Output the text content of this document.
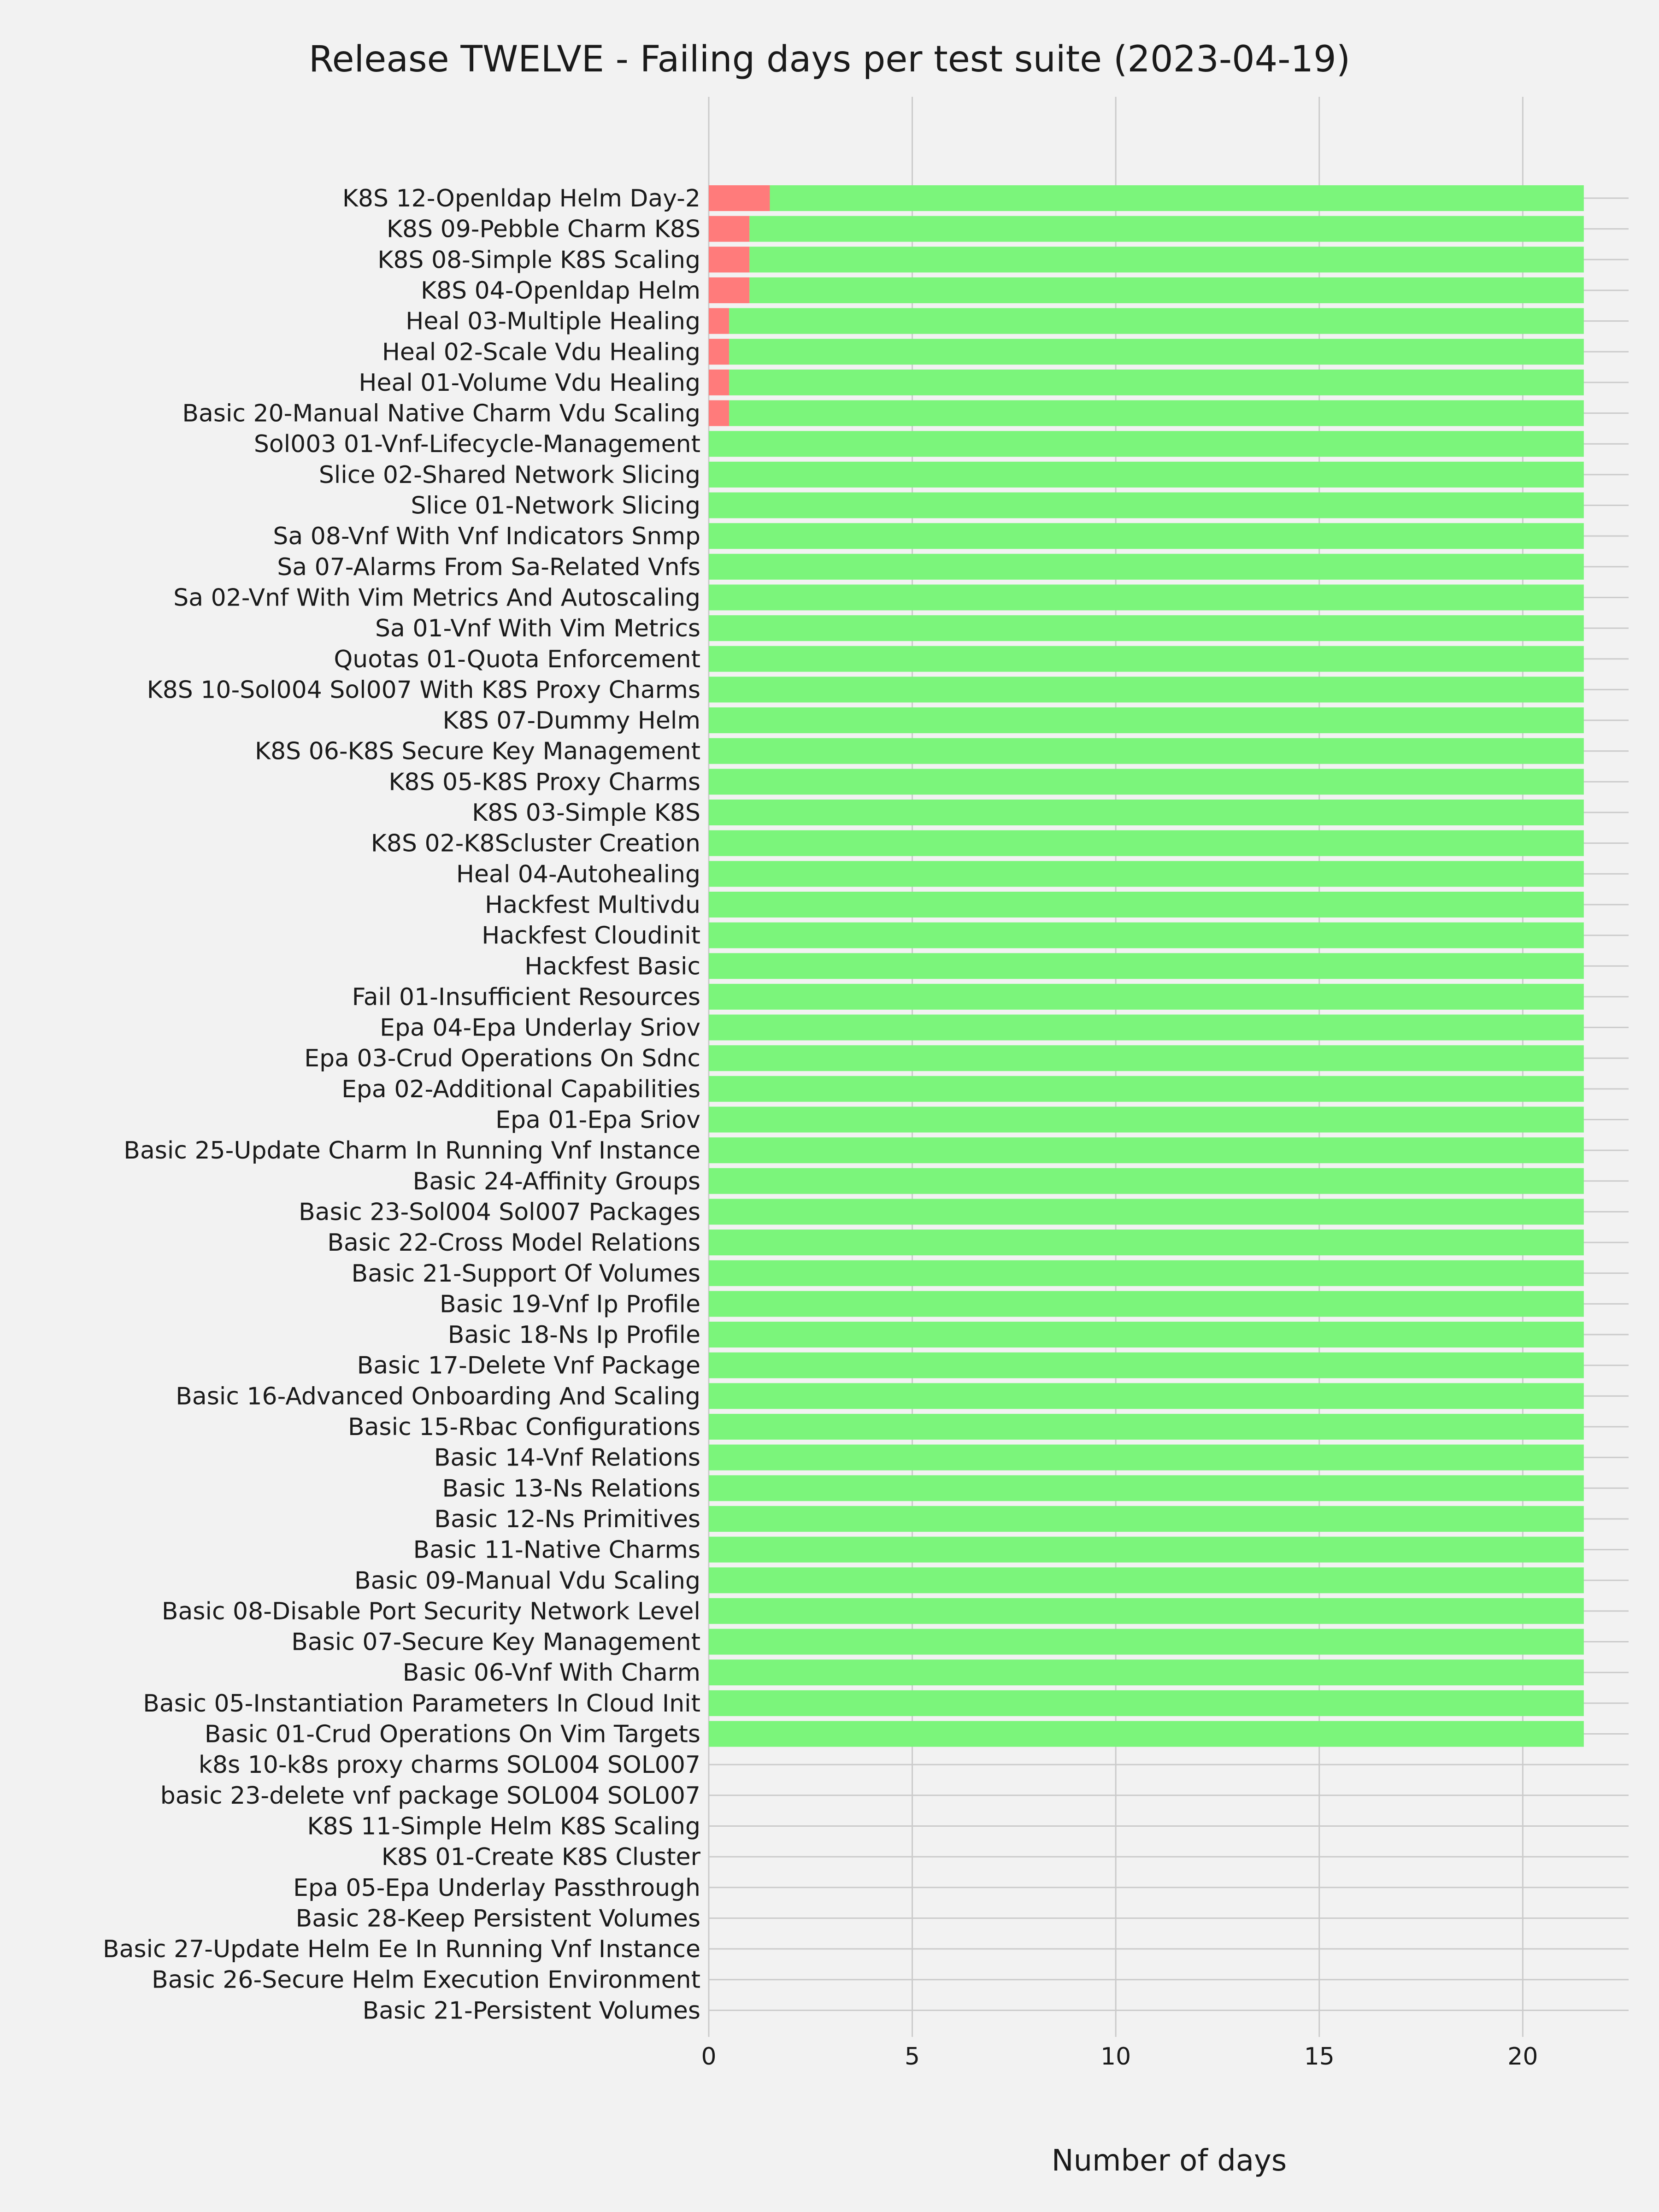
Release TWELVE - Failing days per test suite (2023-04-19)
K8S 12-Openldap Helm Day-2
K8S 09-Pebble Charm K8S
K8S 08-Simple K8S Scaling
K8S 04-Openldap Helm
Heal 03-Multiple Healing
Heal 02-Scale Vdu Healing
Heal 01-Volume Vdu Healing
Basic 20-Manual Native Charm Vdu Scaling
Sol003 01-Vnf-Lifecycle-Management
Slice 02-Shared Network Slicing
Slice 01-Network Slicing
Sa 08-Vnf With Vnf Indicators Snmp
Sa 07-Alarms From Sa-Related Vnfs
Sa 02-Vnf With Vim Metrics And Autoscaling
Sa 01-Vnf With Vim Metrics
Quotas 01-Quota Enforcement
K8S 10-Sol004 Sol007 With K8S Proxy Charms
K8S 07-Dummy Helm
K8S 06-K8S Secure Key Management
K8S 05-K8S Proxy Charms
K8S 03-Simple K8S
K8S 02-K8Scluster Creation
Heal 04-Autohealing
Hackfest Multivdu
Hackfest Cloudinit
Hackfest Basic
Fail 01-Insufficient Resources
Epa 04-Epa Underlay Sriov
Epa 03-Crud Operations On Sdnc
Epa 02-Additional Capabilities
Epa 01-Epa Sriov
Basic 25-Update Charm In Running Vnf Instance
Basic 24-Affinity Groups
Basic 23-Sol004 Sol007 Packages
Basic 22-Cross Model Relations
Basic 21-Support Of Volumes
Basic 19-Vnf Ip Profile
Basic 18-Ns Ip Profile
Basic 17-Delete Vnf Package
Basic 16-Advanced Onboarding And Scaling
Basic 15-Rbac Configurations
Basic 14-Vnf Relations
Basic 13-Ns Relations
Basic 12-Ns Primitives
Basic 11-Native Charms
Basic 09-Manual Vdu Scaling
Basic 08-Disable Port Security Network Level
Basic 07-Secure Key Management
Basic 06-Vnf With Charm
Basic 05-Instantiation Parameters In Cloud Init
Basic 01-Crud Operations On Vim Targets
k8s 10-k8s proxy charms SOL004 SOL007
basic 23-delete vnf package SOL004 SOL007
K8S 11-Simple Helm K8S Scaling
K8S 01-Create K8S Cluster
Epa 05-Epa Underlay Passthrough
Basic 28-Keep Persistent Volumes
Basic 27-Update Helm Ee In Running Vnf Instance
Basic 26-Secure Helm Execution Environment
Basic 21-Persistent Volumes
0	5	10	15	20
Number of days
